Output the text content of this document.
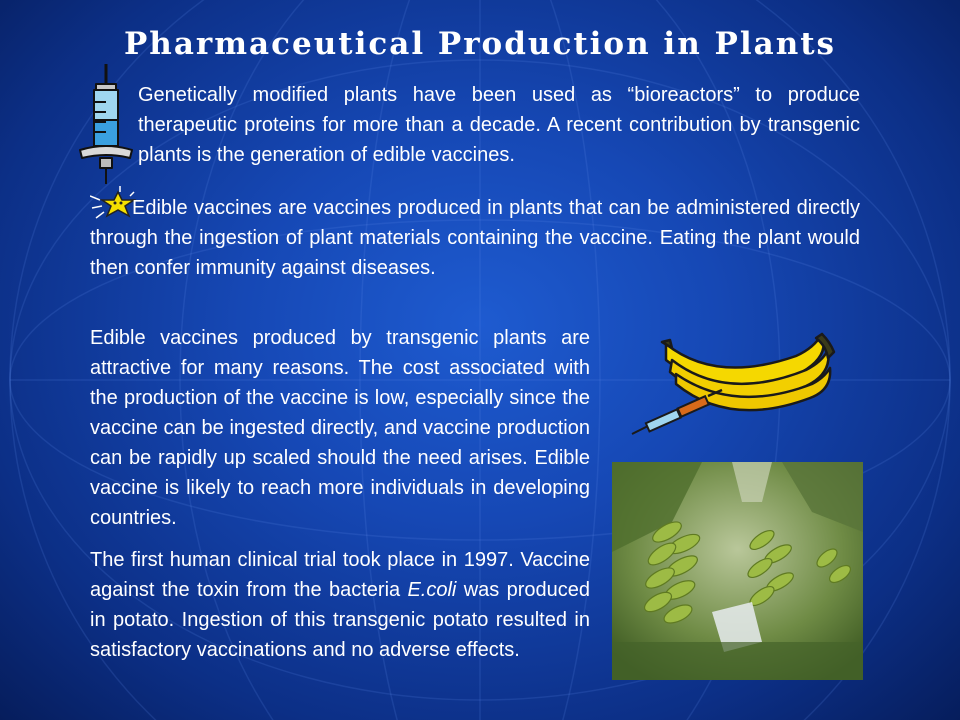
Pharmaceutical Production in Plants
Genetically modified plants have been used as “bioreactors” to produce therapeutic proteins for more than a decade. A recent contribution by transgenic plants is the generation of edible vaccines.
Edible vaccines are vaccines produced in plants that can be administered directly through the ingestion of plant materials containing the vaccine. Eating the plant would then confer immunity against diseases.
Edible vaccines produced by transgenic plants are attractive for many reasons. The cost associated with the production of the vaccine is low, especially since the vaccine can be ingested directly, and vaccine production can be rapidly up scaled should the need arises. Edible vaccine is likely to reach more individuals in developing countries.
The first human clinical trial took place in 1997. Vaccine against the toxin from the bacteria E.coli was produced in potato. Ingestion of this transgenic potato resulted in satisfactory vaccinations and no adverse effects.
